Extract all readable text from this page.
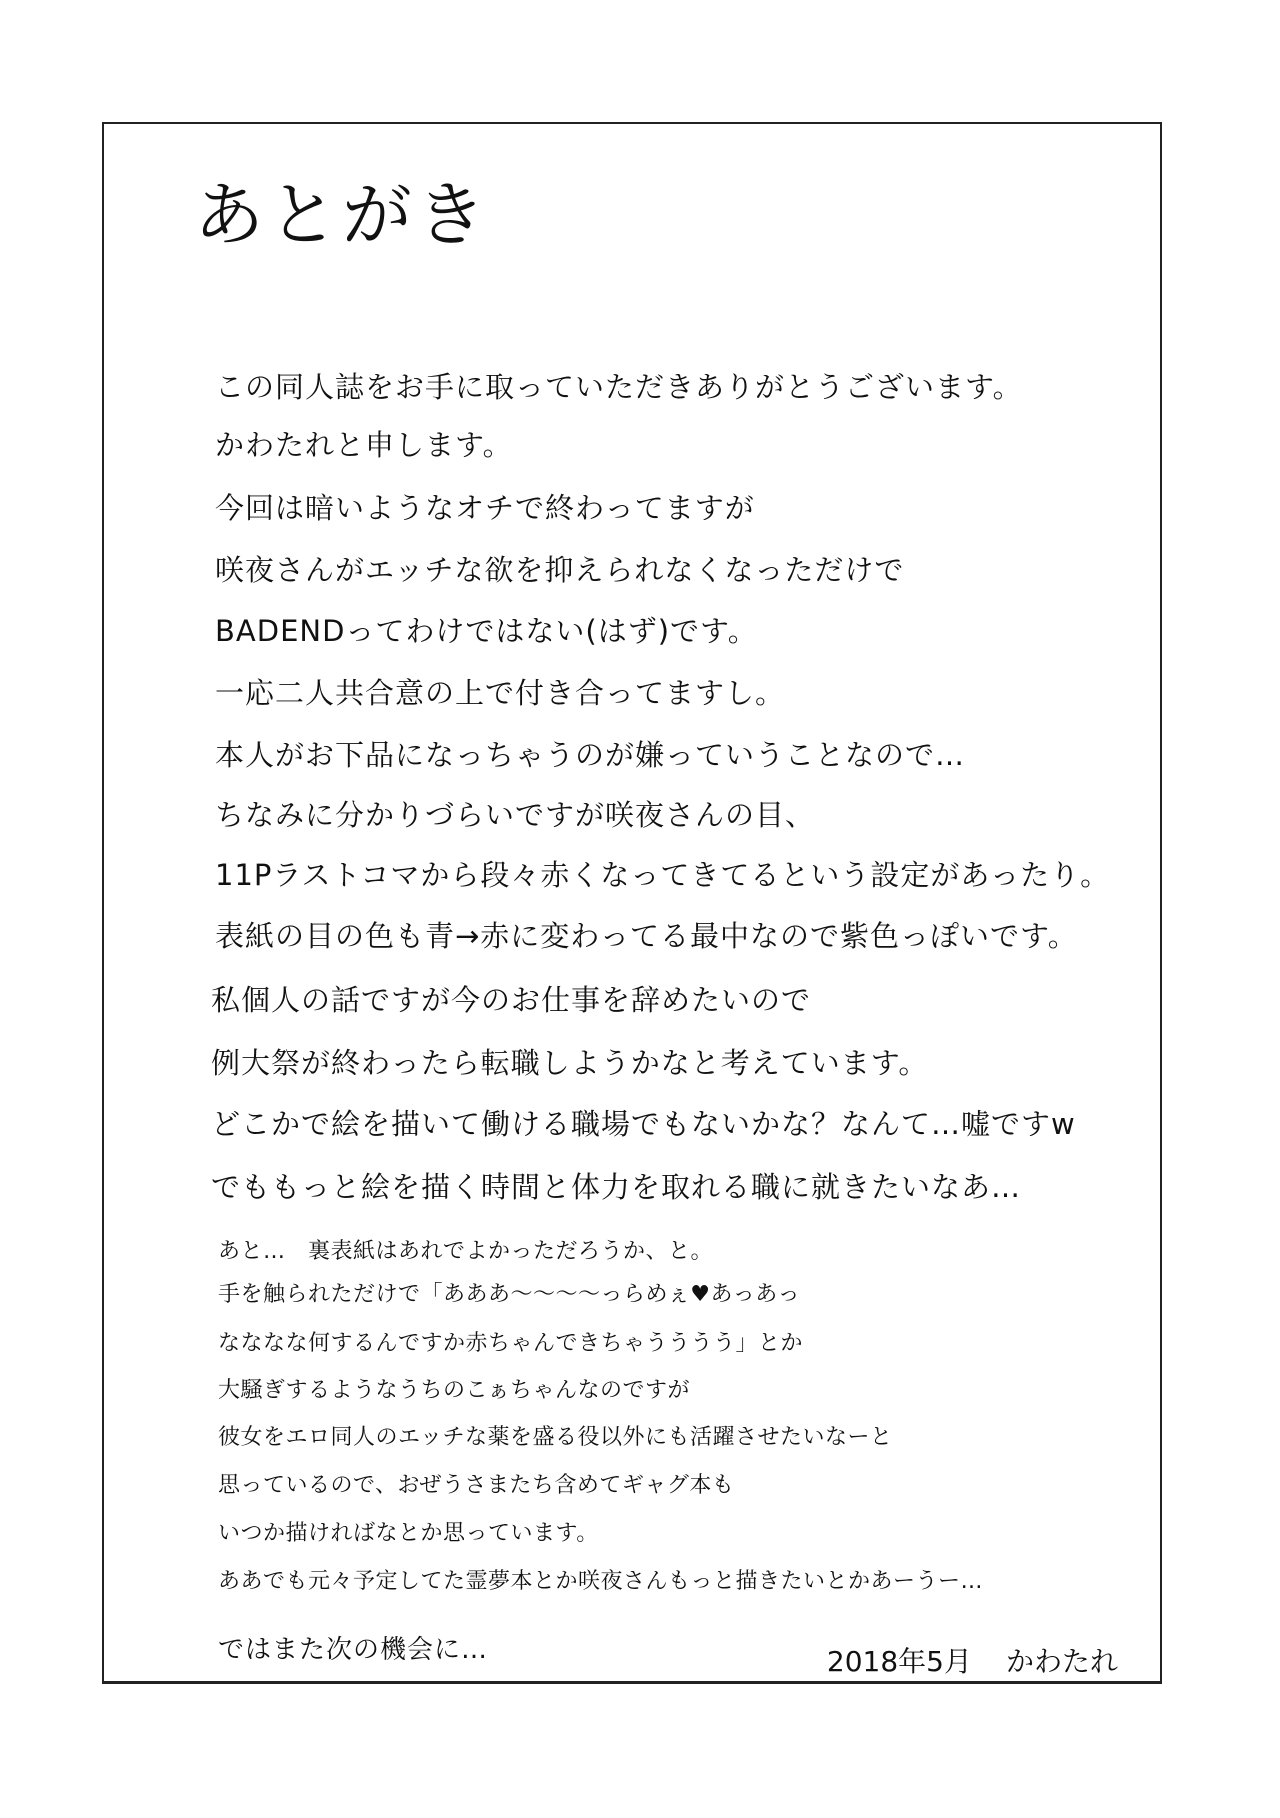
あとがき
この同人誌をお手に取っていただきありがとうございます。
かわたれと申します。
今回は暗いようなオチで終わってますが
咲夜さんがエッチな欲を抑えられなくなっただけで
BADENDってわけではない(はず)です。
一応二人共合意の上で付き合ってますし。
本人がお下品になっちゃうのが嫌っていうことなので…
ちなみに分かりづらいですが咲夜さんの目、
11Pラストコマから段々赤くなってきてるという設定があったり。
表紙の目の色も青→赤に変わってる最中なので紫色っぽいです。
私個人の話ですが今のお仕事を辞めたいので
例大祭が終わったら転職しようかなと考えています。
どこかで絵を描いて働ける職場でもないかな？なんて…嘘ですw
でももっと絵を描く時間と体力を取れる職に就きたいなあ…
あと…　裏表紙はあれでよかっただろうか、と。
手を触られただけで「あああ～～～～っらめぇ♥あっあっ
なななな何するんですか赤ちゃんできちゃうううう」とか
大騒ぎするようなうちのこぁちゃんなのですが
彼女をエロ同人のエッチな薬を盛る役以外にも活躍させたいなーと
思っているので、おぜうさまたち含めてギャグ本も
いつか描ければなとか思っています。
ああでも元々予定してた霊夢本とか咲夜さんもっと描きたいとかあーうー…
ではまた次の機会に…	2018年5月 かわたれ
